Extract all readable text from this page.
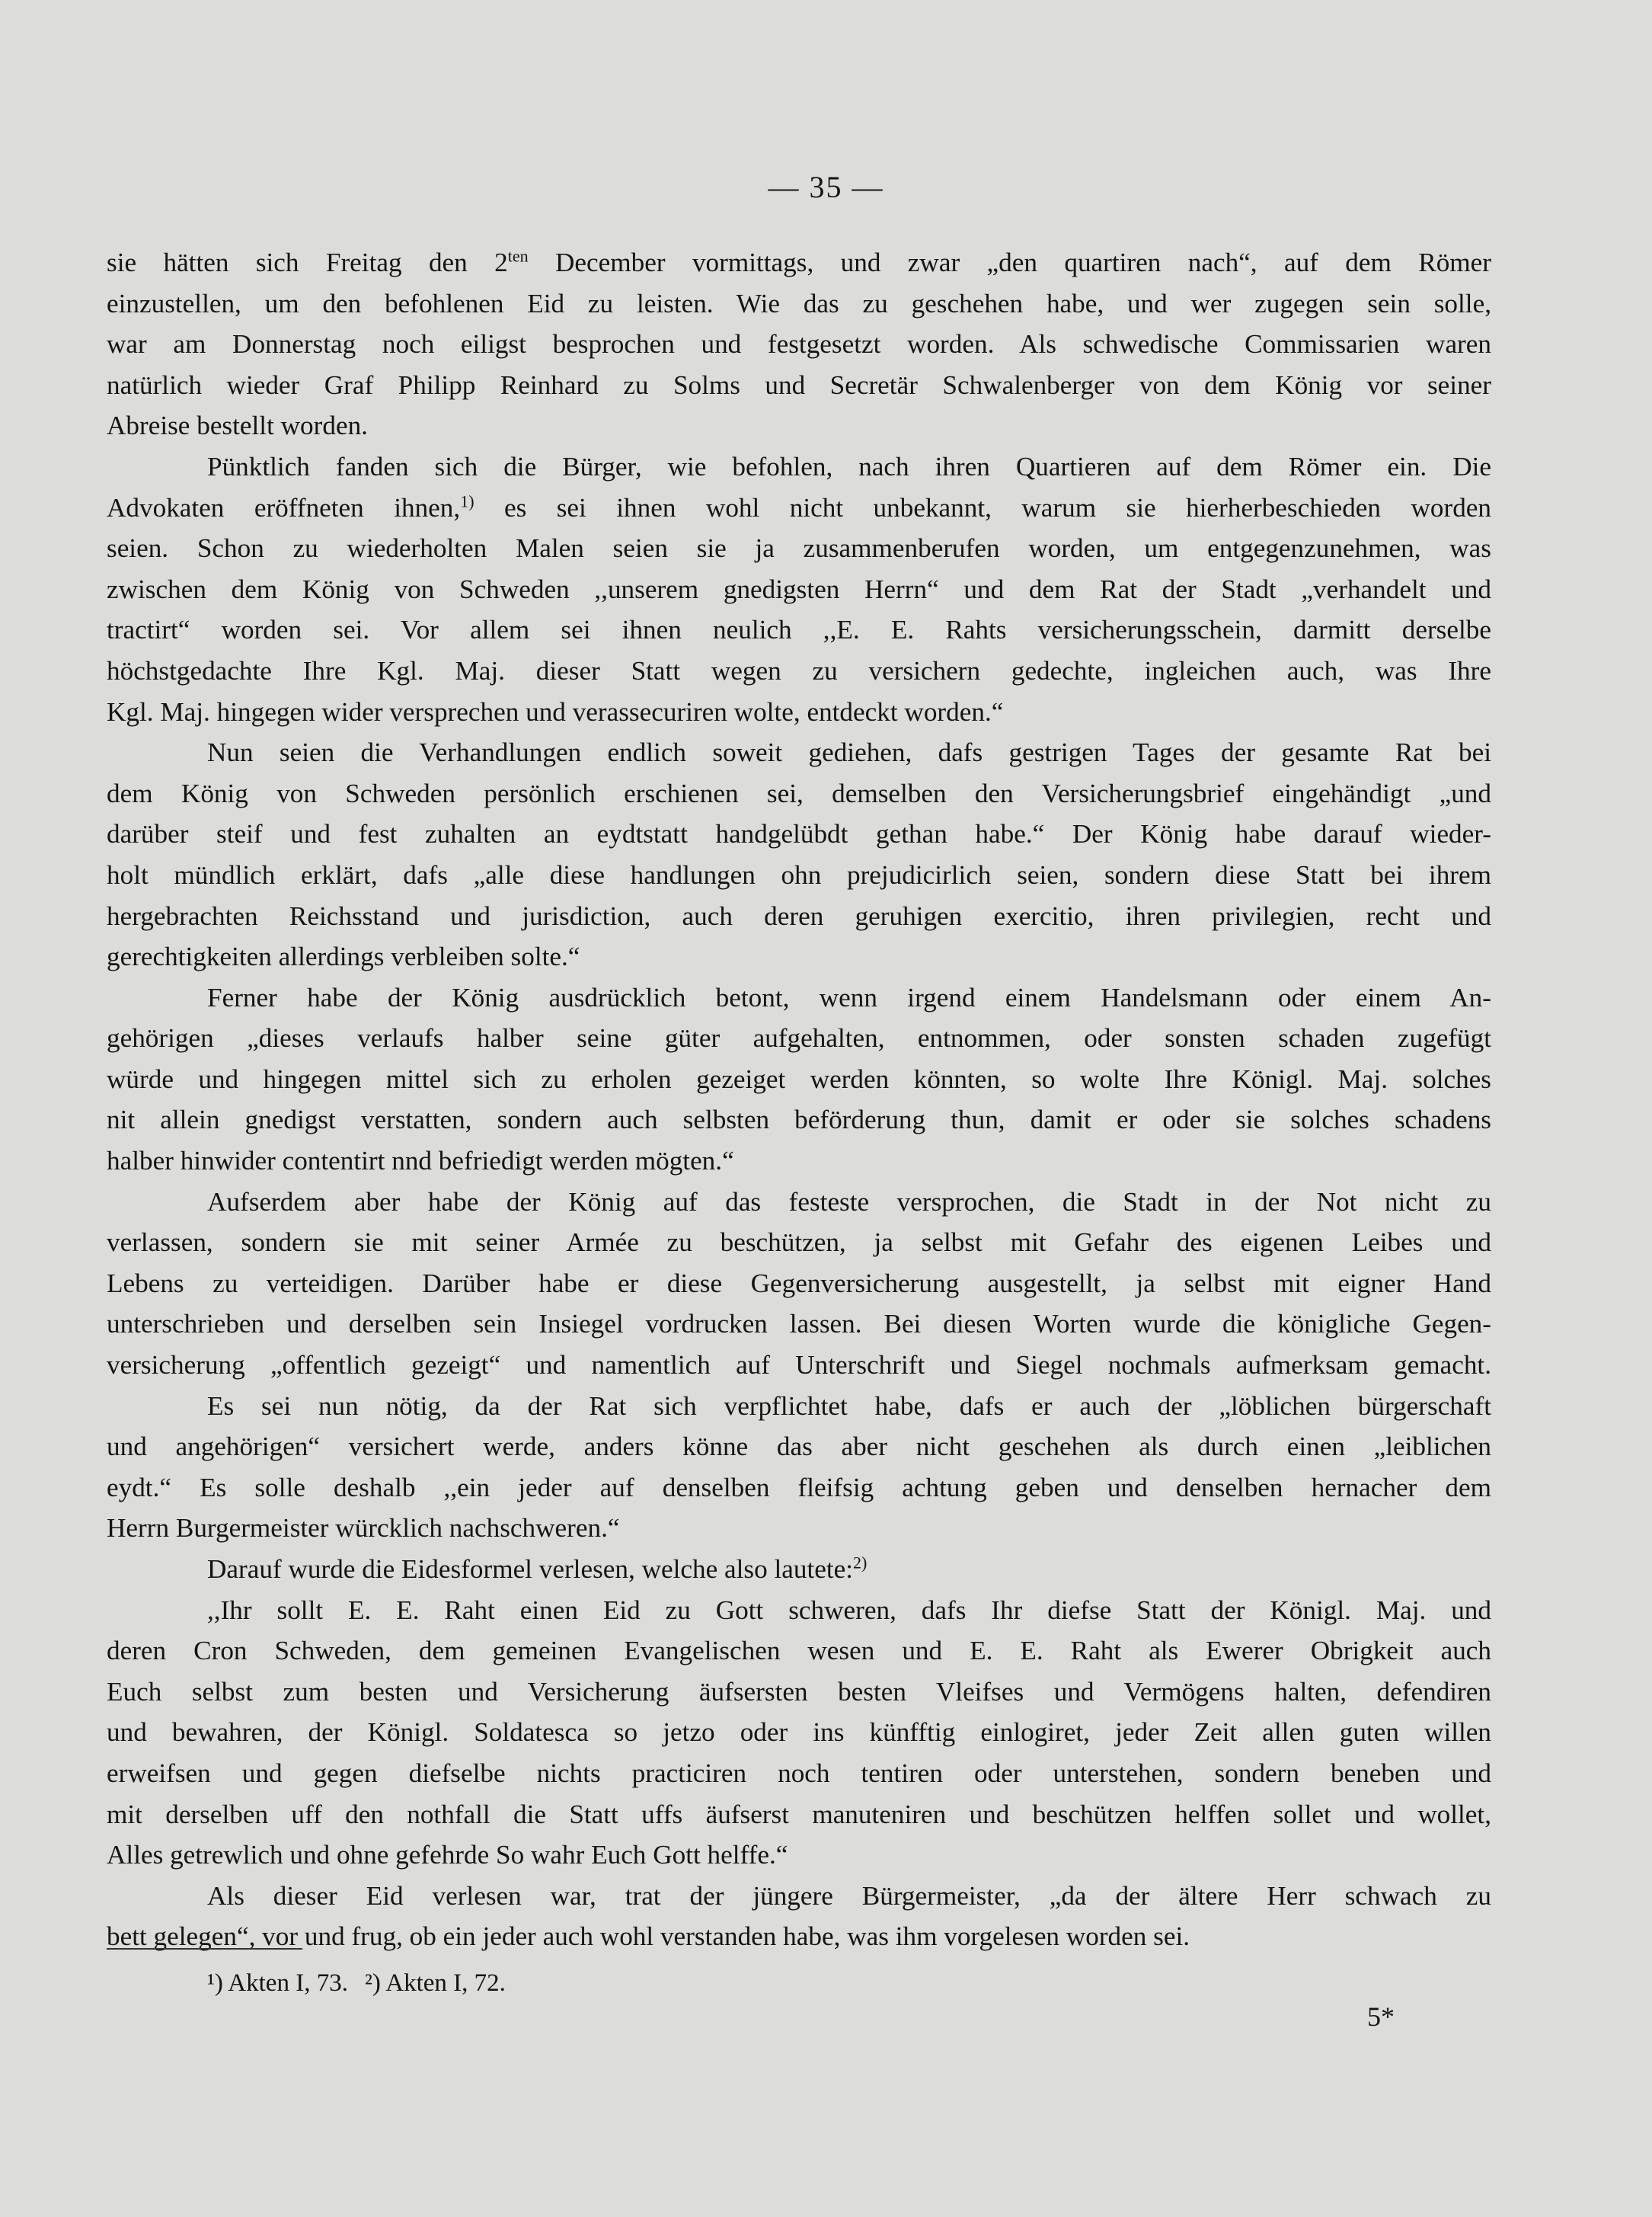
— 35 —
sie hätten sich Freitag den $2^{ten}$ December vormittags, und zwar „den quartiren nach“, auf dem Römer
einzustellen, um den befohlenen Eid zu leisten. Wie das zu geschehen habe, und wer zugegen sein solle,
war am Donnerstag noch eiligst besprochen und festgesetzt worden. Als schwedische Commissarien waren
natürlich wieder Graf Philipp Reinhard zu Solms und Secretär Schwalenberger von dem König vor seiner
Abreise bestellt worden.
Pünktlich fanden sich die Bürger, wie befohlen, nach ihren Quartieren auf dem Römer ein. Die
Advokaten eröffneten ihnen,$^{1)}$ es sei ihnen wohl nicht unbekannt, warum sie hierherbeschieden worden
seien. Schon zu wiederholten Malen seien sie ja zusammenberufen worden, um entgegenzunehmen, was
zwischen dem König von Schweden ,,unserem gnedigsten Herrn“ und dem Rat der Stadt „verhandelt und
tractirt“ worden sei. Vor allem sei ihnen neulich ,,E. E. Rahts versicherungsschein, darmitt derselbe
höchstgedachte Ihre Kgl. Maj. dieser Statt wegen zu versichern gedechte, ingleichen auch, was Ihre
Kgl. Maj. hingegen wider versprechen und verassecuriren wolte, entdeckt worden.“
Nun seien die Verhandlungen endlich soweit gediehen, dafs gestrigen Tages der gesamte Rat bei
dem König von Schweden persönlich erschienen sei, demselben den Versicherungsbrief eingehändigt „und
darüber steif und fest zuhalten an eydtstatt handgelübdt gethan habe.“ Der König habe darauf wieder-
holt mündlich erklärt, dafs „alle diese handlungen ohn prejudicirlich seien, sondern diese Statt bei ihrem
hergebrachten Reichsstand und jurisdiction, auch deren geruhigen exercitio, ihren privilegien, recht und
gerechtigkeiten allerdings verbleiben solte.“
Ferner habe der König ausdrücklich betont, wenn irgend einem Handelsmann oder einem An-
gehörigen „dieses verlaufs halber seine güter aufgehalten, entnommen, oder sonsten schaden zugefügt
würde und hingegen mittel sich zu erholen gezeiget werden könnten, so wolte Ihre Königl. Maj. solches
nit allein gnedigst verstatten, sondern auch selbsten beförderung thun, damit er oder sie solches schadens
halber hinwider contentirt nnd befriedigt werden mögten.“
Aufserdem aber habe der König auf das festeste versprochen, die Stadt in der Not nicht zu
verlassen, sondern sie mit seiner Armée zu beschützen, ja selbst mit Gefahr des eigenen Leibes und
Lebens zu verteidigen. Darüber habe er diese Gegenversicherung ausgestellt, ja selbst mit eigner Hand
unterschrieben und derselben sein Insiegel vordrucken lassen. Bei diesen Worten wurde die königliche Gegen-
versicherung „offentlich gezeigt“ und namentlich auf Unterschrift und Siegel nochmals aufmerksam gemacht.
Es sei nun nötig, da der Rat sich verpflichtet habe, dafs er auch der „löblichen bürgerschaft
und angehörigen“ versichert werde, anders könne das aber nicht geschehen als durch einen „leiblichen
eydt.“ Es solle deshalb ,,ein jeder auf denselben fleifsig achtung geben und denselben hernacher dem
Herrn Burgermeister würcklich nachschweren.“
Darauf wurde die Eidesformel verlesen, welche also lautete:$^{2)}$
,,Ihr sollt E. E. Raht einen Eid zu Gott schweren, dafs Ihr diefse Statt der Königl. Maj. und
deren Cron Schweden, dem gemeinen Evangelischen wesen und E. E. Raht als Ewerer Obrigkeit auch
Euch selbst zum besten und Versicherung äufsersten besten Vleifses und Vermögens halten, defendiren
und bewahren, der Königl. Soldatesca so jetzo oder ins künfftig einlogiret, jeder Zeit allen guten willen
erweifsen und gegen diefselbe nichts practiciren noch tentiren oder unterstehen, sondern beneben und
mit derselben uff den nothfall die Statt uffs äufserst manuteniren und beschützen helffen sollet und wollet,
Alles getrewlich und ohne gefehrde So wahr Euch Gott helffe.“
Als dieser Eid verlesen war, trat der jüngere Bürgermeister, „da der ältere Herr schwach zu
bett gelegen“, vor und frug, ob ein jeder auch wohl verstanden habe, was ihm vorgelesen worden sei.
¹) Akten I, 73. ²) Akten I, 72.
5*
